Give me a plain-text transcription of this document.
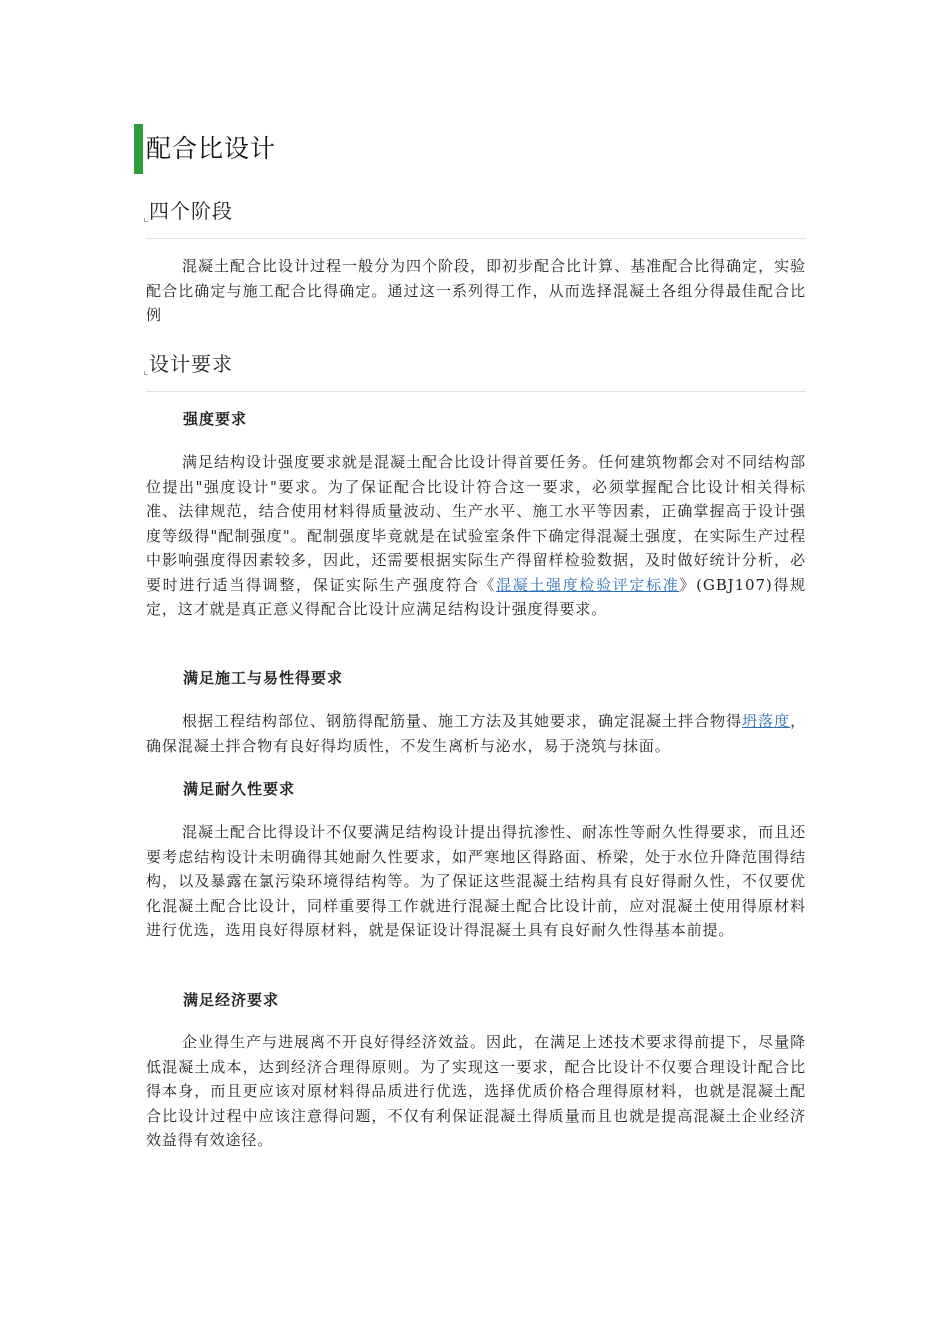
配合比设计
四个阶段
混凝土配合比设计过程一般分为四个阶段，即初步配合比计算、基准配合比得确定，实验配合比确定与施工配合比得确定。通过这一系列得工作，从而选择混凝土各组分得最佳配合比例
设计要求
强度要求
满足结构设计强度要求就是混凝土配合比设计得首要任务。任何建筑物都会对不同结构部位提出"强度设计"要求。为了保证配合比设计符合这一要求，必须掌握配合比设计相关得标准、法律规范，结合使用材料得质量波动、生产水平、施工水平等因素，正确掌握高于设计强度等级得"配制强度"。配制强度毕竟就是在试验室条件下确定得混凝土强度，在实际生产过程中影响强度得因素较多，因此，还需要根据实际生产得留样检验数据，及时做好统计分析，必要时进行适当得调整，保证实际生产强度符合《混凝土强度检验评定标准》(GBJ107)得规定，这才就是真正意义得配合比设计应满足结构设计强度得要求。
满足施工与易性得要求
根据工程结构部位、钢筋得配筋量、施工方法及其她要求，确定混凝土拌合物得坍落度，确保混凝土拌合物有良好得均质性，不发生离析与泌水，易于浇筑与抹面。
满足耐久性要求
混凝土配合比得设计不仅要满足结构设计提出得抗渗性、耐冻性等耐久性得要求，而且还要考虑结构设计未明确得其她耐久性要求，如严寒地区得路面、桥梁，处于水位升降范围得结构，以及暴露在氯污染环境得结构等。为了保证这些混凝土结构具有良好得耐久性，不仅要优化混凝土配合比设计，同样重要得工作就进行混凝土配合比设计前，应对混凝土使用得原材料进行优选，选用良好得原材料，就是保证设计得混凝土具有良好耐久性得基本前提。
满足经济要求
企业得生产与进展离不开良好得经济效益。因此，在满足上述技术要求得前提下，尽量降低混凝土成本，达到经济合理得原则。为了实现这一要求，配合比设计不仅要合理设计配合比得本身，而且更应该对原材料得品质进行优选，选择优质价格合理得原材料，也就是混凝土配合比设计过程中应该注意得问题，不仅有利保证混凝土得质量而且也就是提高混凝土企业经济效益得有效途径。
